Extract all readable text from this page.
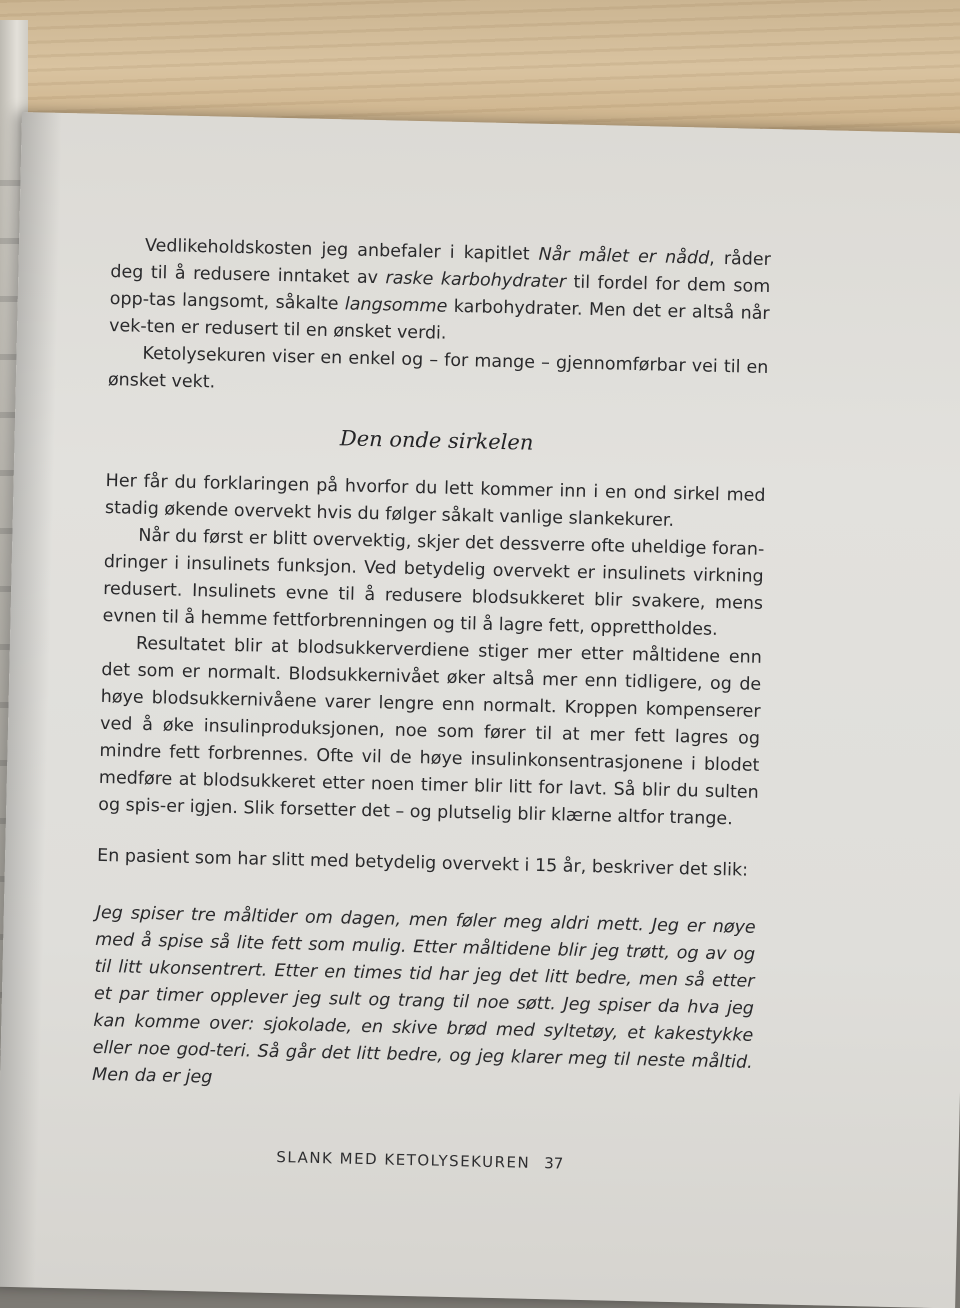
Vedlikeholdskosten jeg anbefaler i kapitlet Når målet er nådd, råder deg til å redusere inntaket av raske karbohydrater til fordel for dem som opp-tas langsomt, såkalte langsomme karbohydrater. Men det er altså når vek-ten er redusert til en ønsket verdi.

Ketolysekuren viser en enkel og – for mange – gjennomførbar vei til en ønsket vekt.

Den onde sirkelen

Her får du forklaringen på hvorfor du lett kommer inn i en ond sirkel med stadig økende overvekt hvis du følger såkalt vanlige slankekurer.

Når du først er blitt overvektig, skjer det dessverre ofte uheldige foran-dringer i insulinets funksjon. Ved betydelig overvekt er insulinets virkning redusert. Insulinets evne til å redusere blodsukkeret blir svakere, mens evnen til å hemme fettforbrenningen og til å lagre fett, opprettholdes.

Resultatet blir at blodsukkerverdiene stiger mer etter måltidene enn det som er normalt. Blodsukkernivået øker altså mer enn tidligere, og de høye blodsukkernivåene varer lengre enn normalt. Kroppen kompenserer ved å øke insulinproduksjonen, noe som fører til at mer fett lagres og mindre fett forbrennes. Ofte vil de høye insulinkonsentrasjonene i blodet medføre at blodsukkeret etter noen timer blir litt for lavt. Så blir du sulten og spis-er igjen. Slik forsetter det – og plutselig blir klærne altfor trange.

En pasient som har slitt med betydelig overvekt i 15 år, beskriver det slik:

Jeg spiser tre måltider om dagen, men føler meg aldri mett. Jeg er nøye med å spise så lite fett som mulig. Etter måltidene blir jeg trøtt, og av og til litt ukonsentrert. Etter en times tid har jeg det litt bedre, men så etter et par timer opplever jeg sult og trang til noe søtt. Jeg spiser da hva jeg kan komme over: sjokolade, en skive brød med syltetøy, et kakestykke eller noe god-teri. Så går det litt bedre, og jeg klarer meg til neste måltid. Men da er jeg

SLANK MED KETOLYSEKUREN 37
